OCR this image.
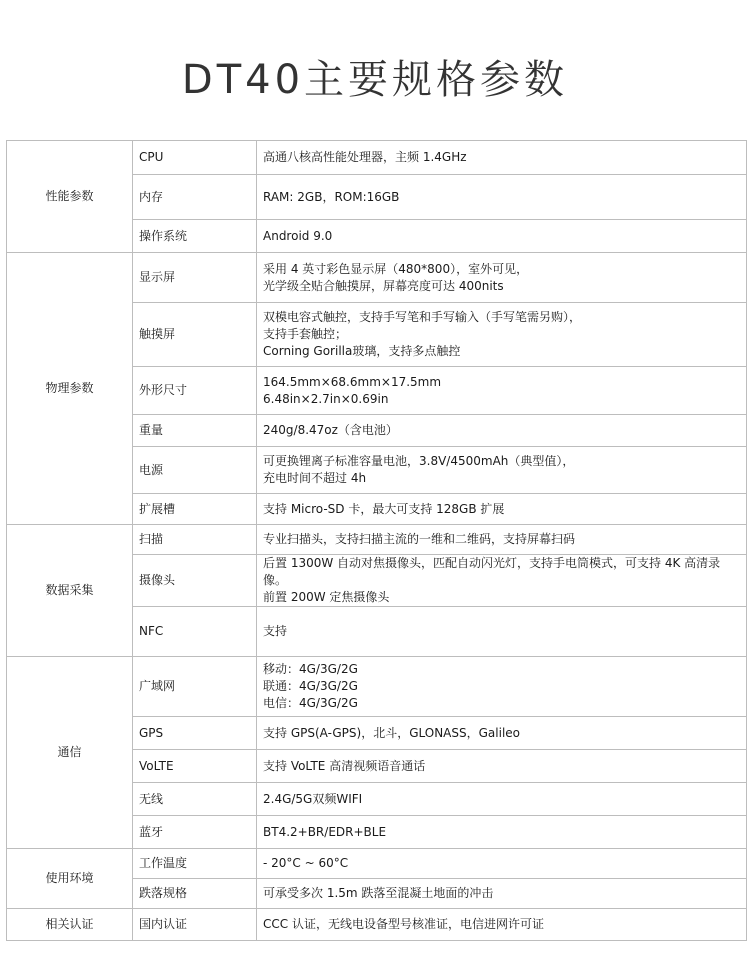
DT40主要规格参数
性能参数	CPU	高通八核高性能处理器，主频 1.4GHz
	内存	RAM: 2GB，ROM:16GB
	操作系统	Android 9.0
物理参数	显示屏	采用 4 英寸彩色显示屏（480*800），室外可见，
光学级全贴合触摸屏，屏幕亮度可达 400nits
	触摸屏	双模电容式触控，支持手写笔和手写输入（手写笔需另购），
支持手套触控；
Corning Gorilla玻璃，支持多点触控
	外形尺寸	164.5mm×68.6mm×17.5mm
6.48in×2.7in×0.69in
	重量	240g/8.47oz（含电池）
	电源	可更换锂离子标准容量电池，3.8V/4500mAh（典型值），
充电时间不超过 4h
	扩展槽	支持 Micro-SD 卡，最大可支持 128GB 扩展
数据采集	扫描	专业扫描头，支持扫描主流的一维和二维码，支持屏幕扫码
	摄像头	后置 1300W 自动对焦摄像头，匹配自动闪光灯，支持手电筒模式，可支持 4K 高清录像。
前置 200W 定焦摄像头
	NFC	支持
通信	广域网	移动：4G/3G/2G
联通：4G/3G/2G
电信：4G/3G/2G
	GPS	支持 GPS(A-GPS)，北斗，GLONASS，Galileo
	VoLTE	支持 VoLTE 高清视频语音通话
	无线	2.4G/5G双频WIFI
	蓝牙	BT4.2+BR/EDR+BLE
使用环境	工作温度	- 20°C ~ 60°C
	跌落规格	可承受多次 1.5m 跌落至混凝土地面的冲击
相关认证	国内认证	CCC 认证，无线电设备型号核准证，电信进网许可证
